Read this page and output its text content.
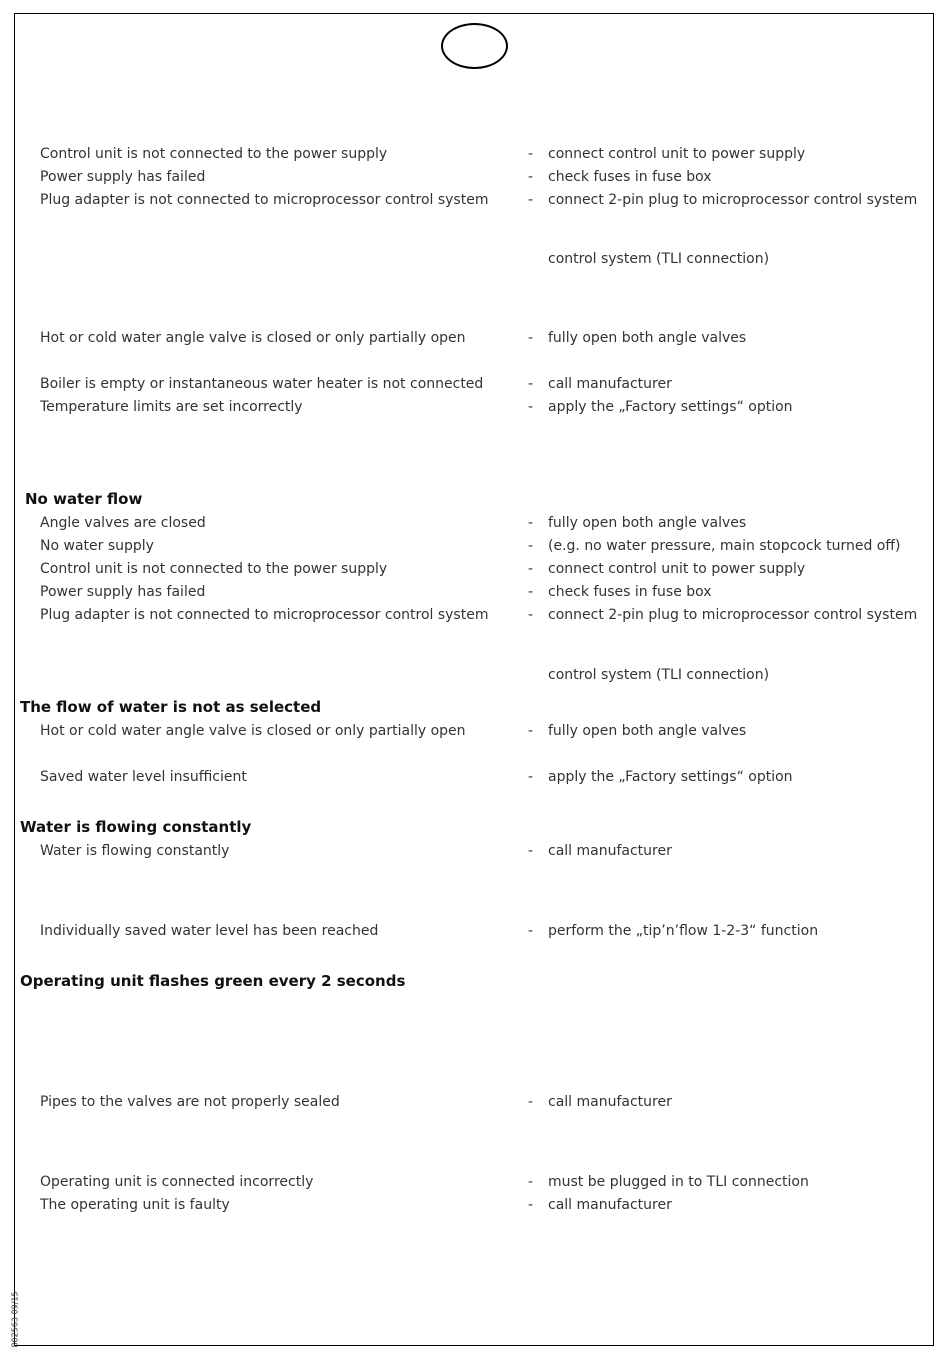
Control unit is not connected to the power supply	- connect control unit to power supply
Power supply has failed	- check fuses in fuse box
Plug adapter is not connected to microprocessor control system	- connect 2-pin plug to microprocessor control system
control system (TLI connection)
Hot or cold water angle valve is closed or only partially open	- fully open both angle valves
Boiler is empty or instantaneous water heater is not connected	- call manufacturer
Temperature limits are set incorrectly	- apply the „Factory settings“ option
No water flow
Angle valves are closed	- fully open both angle valves
No water supply	- (e.g. no water pressure, main stopcock turned off)
Control unit is not connected to the power supply	- connect control unit to power supply
Power supply has failed	- check fuses in fuse box
Plug adapter is not connected to microprocessor control system	- connect 2-pin plug to microprocessor control system
control system (TLI connection)
The flow of water is not as selected
Hot or cold water angle valve is closed or only partially open	- fully open both angle valves
Saved water level insufficient	- apply the „Factory settings“ option
Water is flowing constantly
Water is flowing constantly	- call manufacturer
Individually saved water level has been reached	- perform the „tip’n’flow 1-2-3“ function
Operating unit flashes green every 2 seconds
Pipes to the valves are not properly sealed	- call manufacturer
Operating unit is connected incorrectly	- must be plugged in to TLI connection
The operating unit is faulty	- call manufacturer
802563 09/15
